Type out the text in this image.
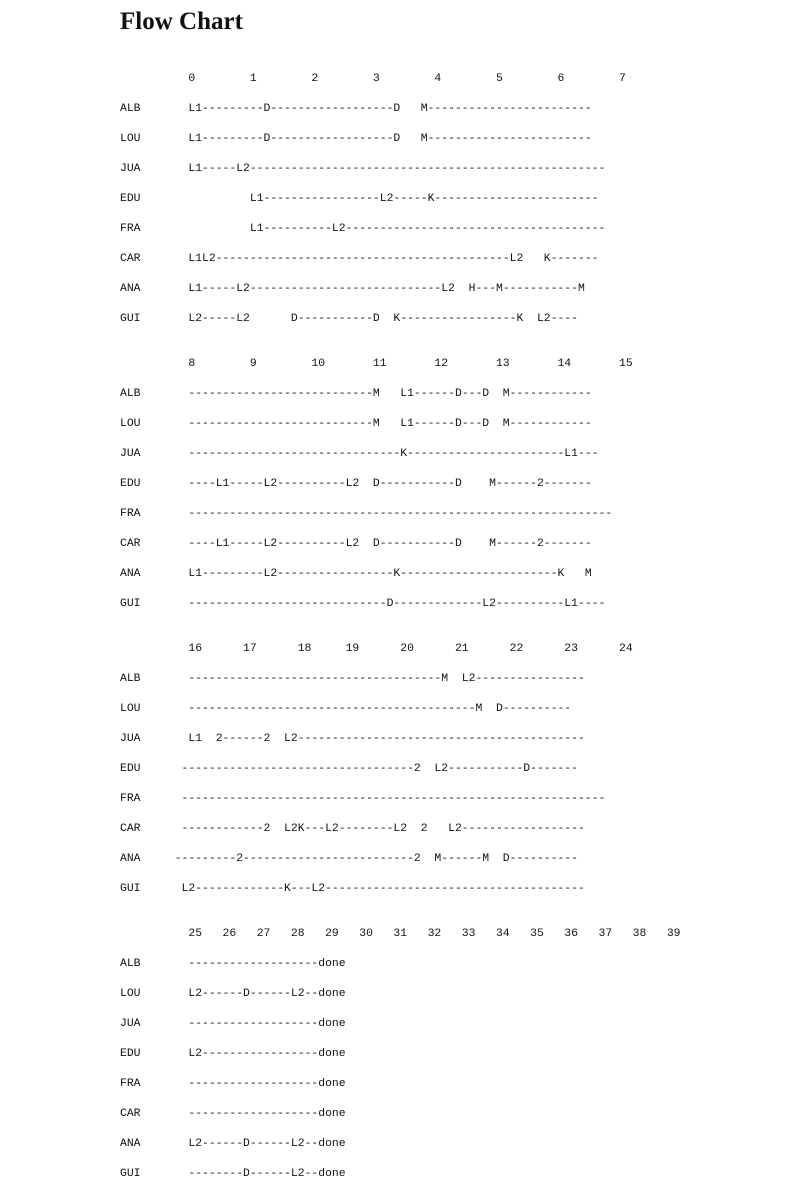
Flow Chart
0        1        2        3        4        5        6        7
ALB       L1---------D------------------D   M------------------------
LOU       L1---------D------------------D   M------------------------
JUA       L1-----L2----------------------------------------------------
EDU                L1-----------------L2-----K------------------------
FRA                L1----------L2--------------------------------------
CAR       L1L2-------------------------------------------L2   K-------
ANA       L1-----L2----------------------------L2  H---M-----------M
GUI       L2-----L2      D-----------D  K-----------------K  L2----
8        9        10       11       12       13       14       15
ALB       ---------------------------M   L1------D---D  M------------
LOU       ---------------------------M   L1------D---D  M------------
JUA       -------------------------------K-----------------------L1---
EDU       ----L1-----L2----------L2  D-----------D    M------2-------
FRA       --------------------------------------------------------------
CAR       ----L1-----L2----------L2  D-----------D    M------2-------
ANA       L1---------L2-----------------K-----------------------K   M
GUI       -----------------------------D-------------L2----------L1----
16      17      18     19      20      21      22      23      24
ALB       -------------------------------------M  L2----------------
LOU       ------------------------------------------M  D----------
JUA       L1  2------2  L2------------------------------------------
EDU      ----------------------------------2  L2-----------D-------
FRA      --------------------------------------------------------------
CAR      ------------2  L2K---L2--------L2  2   L2------------------
ANA     ---------2-------------------------2  M------M  D----------
GUI      L2-------------K---L2--------------------------------------
25   26   27   28   29   30   31   32   33   34   35   36   37   38   39
ALB       -------------------done
LOU       L2------D------L2--done
JUA       -------------------done
EDU       L2-----------------done
FRA       -------------------done
CAR       -------------------done
ANA       L2------D------L2--done
GUI       --------D------L2--done
